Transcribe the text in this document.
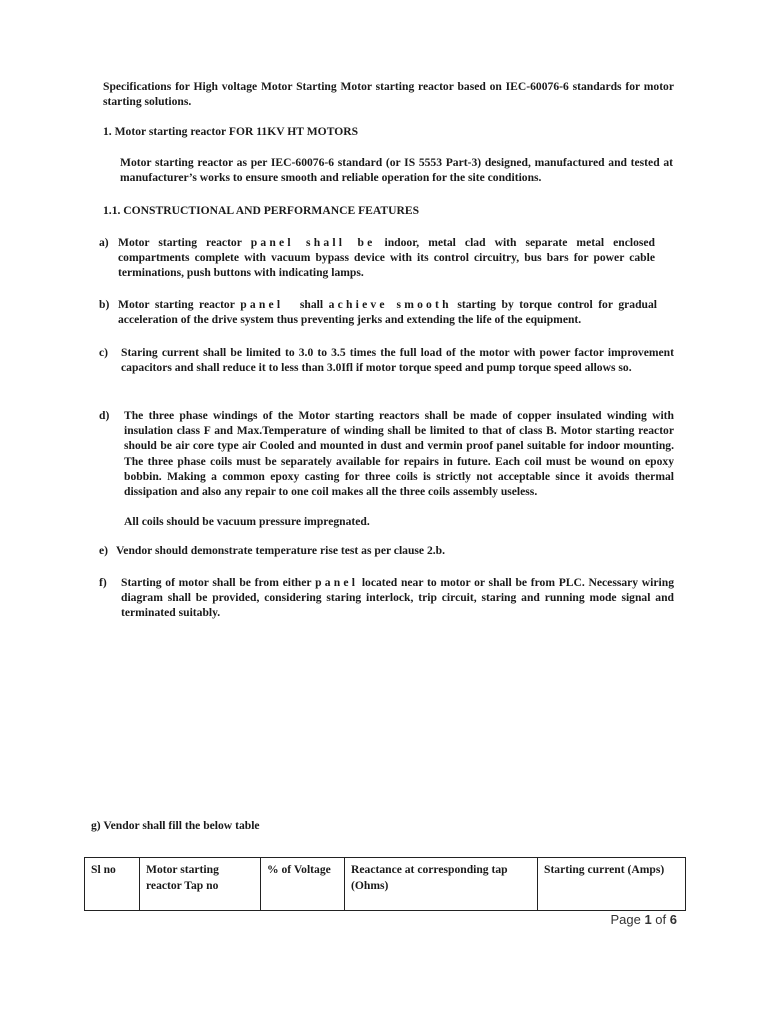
Specifications for High voltage Motor Starting Motor starting reactor based on IEC-60076-6 standards for motor starting solutions.

1. Motor starting reactor FOR 11KV HT MOTORS

Motor starting reactor as per IEC-60076-6 standard (or IS 5553 Part-3) designed, manufactured and tested at manufacturer’s works to ensure smooth and reliable operation for the site conditions.

1.1. CONSTRUCTIONAL AND PERFORMANCE FEATURES

a) Motor starting reactor panel shall be indoor, metal clad with separate metal enclosed compartments complete with vacuum bypass device with its control circuitry, bus bars for power cable terminations, push buttons with indicating lamps.

b) Motor starting reactor panel shall achieve smooth starting by torque control for gradual acceleration of the drive system thus preventing jerks and extending the life of the equipment.

c) Staring current shall be limited to 3.0 to 3.5 times the full load of the motor with power factor improvement capacitors and shall reduce it to less than 3.0Ifl if motor torque speed and pump torque speed allows so.

d) The three phase windings of the Motor starting reactors shall be made of copper insulated winding with insulation class F and Max.Temperature of winding shall be limited to that of class B. Motor starting reactor should be air core type air Cooled and mounted in dust and vermin proof panel suitable for indoor mounting. The three phase coils must be separately available for repairs in future. Each coil must be wound on epoxy bobbin. Making a common epoxy casting for three coils is strictly not acceptable since it avoids thermal dissipation and also any repair to one coil makes all the three coils assembly useless.

All coils should be vacuum pressure impregnated.

e) Vendor should demonstrate temperature rise test as per clause 2.b.

f) Starting of motor shall be from either panel located near to motor or shall be from PLC. Necessary wiring diagram shall be provided, considering staring interlock, trip circuit, staring and running mode signal and terminated suitably.

g) Vendor shall fill the below table

Sl no	Motor starting reactor Tap no	% of Voltage	Reactance at corresponding tap (Ohms)	Starting current (Amps)
Page 1 of 6
